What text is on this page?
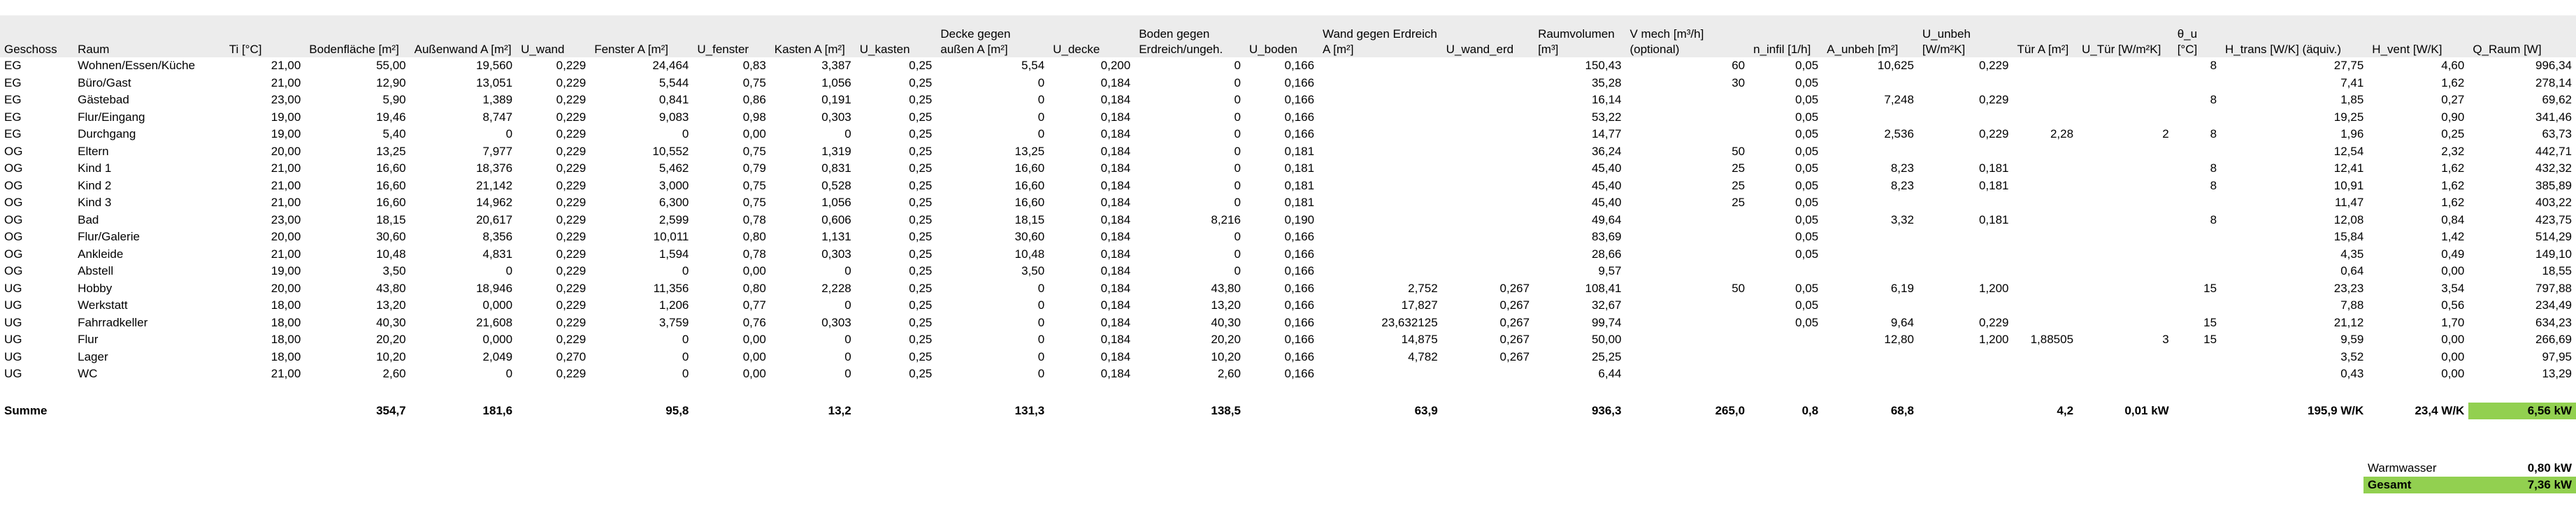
Geschoss	Raum	Ti [°C]	Bodenfläche [m²]	Außenwand A [m²]	U_wand	Fenster A [m²]	U_fenster	Kasten A [m²]	U_kasten	Decke gegen außen A [m²]	U_decke	Boden gegen Erdreich/ungeh.	U_boden	Wand gegen Erdreich A [m²]	U_wand_erd	Raumvolumen [m³]	V mech [m³/h] (optional)	n_infil [1/h]	A_unbeh [m²]	U_unbeh [W/m²K]	Tür A [m²]	U_Tür [W/m²K]	θ_u [°C]	H_trans [W/K] (äquiv.)	H_vent [W/K]	Q_Raum [W]

EG	Wohnen/Essen/Küche	21,00	55,00	19,560	0,229	24,464	0,83	3,387	0,25	5,54	0,200	0	0,166			150,43	60	0,05	10,625	0,229			8	27,75	4,60	996,34
EG	Büro/Gast	21,00	12,90	13,051	0,229	5,544	0,75	1,056	0,25	0	0,184	0	0,166			35,28	30	0,05						7,41	1,62	278,14
EG	Gästebad	23,00	5,90	1,389	0,229	0,841	0,86	0,191	0,25	0	0,184	0	0,166			16,14		0,05	7,248	0,229			8	1,85	0,27	69,62
EG	Flur/Eingang	19,00	19,46	8,747	0,229	9,083	0,98	0,303	0,25	0	0,184	0	0,166			53,22		0,05						19,25	0,90	341,46
EG	Durchgang	19,00	5,40	0	0,229	0	0,00	0	0,25	0	0,184	0	0,166			14,77		0,05	2,536	0,229	2,28	2	8	1,96	0,25	63,73
OG	Eltern	20,00	13,25	7,977	0,229	10,552	0,75	1,319	0,25	13,25	0,184	0	0,181			36,24	50	0,05						12,54	2,32	442,71
OG	Kind 1	21,00	16,60	18,376	0,229	5,462	0,79	0,831	0,25	16,60	0,184	0	0,181			45,40	25	0,05	8,23	0,181			8	12,41	1,62	432,32
OG	Kind 2	21,00	16,60	21,142	0,229	3,000	0,75	0,528	0,25	16,60	0,184	0	0,181			45,40	25	0,05	8,23	0,181			8	10,91	1,62	385,89
OG	Kind 3	21,00	16,60	14,962	0,229	6,300	0,75	1,056	0,25	16,60	0,184	0	0,181			45,40	25	0,05						11,47	1,62	403,22
OG	Bad	23,00	18,15	20,617	0,229	2,599	0,78	0,606	0,25	18,15	0,184	8,216	0,190			49,64		0,05	3,32	0,181			8	12,08	0,84	423,75
OG	Flur/Galerie	20,00	30,60	8,356	0,229	10,011	0,80	1,131	0,25	30,60	0,184	0	0,166			83,69		0,05						15,84	1,42	514,29
OG	Ankleide	21,00	10,48	4,831	0,229	1,594	0,78	0,303	0,25	10,48	0,184	0	0,166			28,66		0,05						4,35	0,49	149,10
OG	Abstell	19,00	3,50	0	0,229	0	0,00	0	0,25	3,50	0,184	0	0,166			9,57								0,64	0,00	18,55
UG	Hobby	20,00	43,80	18,946	0,229	11,356	0,80	2,228	0,25	0	0,184	43,80	0,166	2,752	0,267	108,41	50	0,05	6,19	1,200			15	23,23	3,54	797,88
UG	Werkstatt	18,00	13,20	0,000	0,229	1,206	0,77	0	0,25	0	0,184	13,20	0,166	17,827	0,267	32,67		0,05						7,88	0,56	234,49
UG	Fahrradkeller	18,00	40,30	21,608	0,229	3,759	0,76	0,303	0,25	0	0,184	40,30	0,166	23,632125	0,267	99,74		0,05	9,64	0,229			15	21,12	1,70	634,23
UG	Flur	18,00	20,20	0,000	0,229	0	0,00	0	0,25	0	0,184	20,20	0,166	14,875	0,267	50,00			12,80	1,200	1,88505	3	15	9,59	0,00	266,69
UG	Lager	18,00	10,20	2,049	0,270	0	0,00	0	0,25	0	0,184	10,20	0,166	4,782	0,267	25,25								3,52	0,00	97,95
UG	WC	21,00	2,60	0	0,229	0	0,00	0	0,25	0	0,184	2,60	0,166			6,44								0,43	0,00	13,29

Summe			354,7	181,6		95,8		13,2		131,3		138,5		63,9		936,3	265,0	0,8	68,8		4,2	0,01 kW		195,9 W/K	23,4 W/K	6,56 kW
Warmwasser	0,80 kW
Gesamt	7,36 kW
